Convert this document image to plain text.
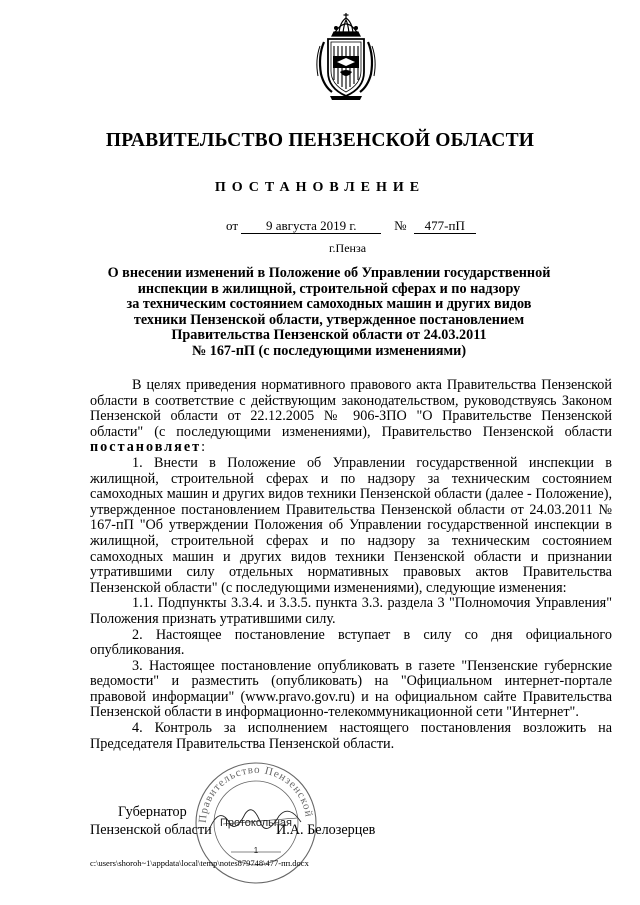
ПРАВИТЕЛЬСТВО ПЕНЗЕНСКОЙ ОБЛАСТИ
ПОСТАНОВЛЕНИЕ
от 9 августа 2019 г.	№ 477-пП
г.Пенза
О внесении изменений в Положение об Управлении государственной
инспекции в жилищной, строительной сферах и по надзору
за техническим состоянием самоходных машин и других видов
техники Пензенской области, утвержденное постановлением
Правительства Пензенской области от 24.03.2011
№ 167-пП (с последующими изменениями)

В целях приведения нормативного правового акта Правительства Пензенской области в соответствие с действующим законодательством, руководствуясь Законом Пензенской области от 22.12.2005 № 906-ЗПО "О Правительстве Пензенской области" (с последующими изменениями), Правительство Пензенской области постановляет:

1. Внести в Положение об Управлении государственной инспекции в жилищной, строительной сферах и по надзору за техническим состоянием самоходных машин и других видов техники Пензенской области (далее - Положение), утвержденное постановлением Правительства Пензенской области от 24.03.2011 № 167-пП "Об утверждении Положения об Управлении государственной инспекции в жилищной, строительной сферах и по надзору за техническим состоянием самоходных машин и других видов техники Пензенской области и признании утратившими силу отдельных нормативных правовых актов Правительства Пензенской области" (с последующими изменениями), следующие изменения:

1.1. Подпункты 3.3.4. и 3.3.5. пункта 3.3. раздела 3 "Полномочия Управления" Положения признать утратившими силу.

2. Настоящее постановление вступает в силу со дня официального опубликования.

3. Настоящее постановление опубликовать в газете "Пензенские губернские ведомости" и разместить (опубликовать) на "Официальном интернет-портале правовой информации" (www.pravo.gov.ru) и на официальном сайте Правительства Пензенской области в информационно-телекоммуникационной сети "Интернет".

4. Контроль за исполнением настоящего постановления возложить на Председателя Правительства Пензенской области.

Губернатор
Пензенской области	И.А. Белозерцев
Правительство Пензенской
Протокольная
1
c:\users\shoroh~1\appdata\local\temp\notes879748\477-пп.docx
